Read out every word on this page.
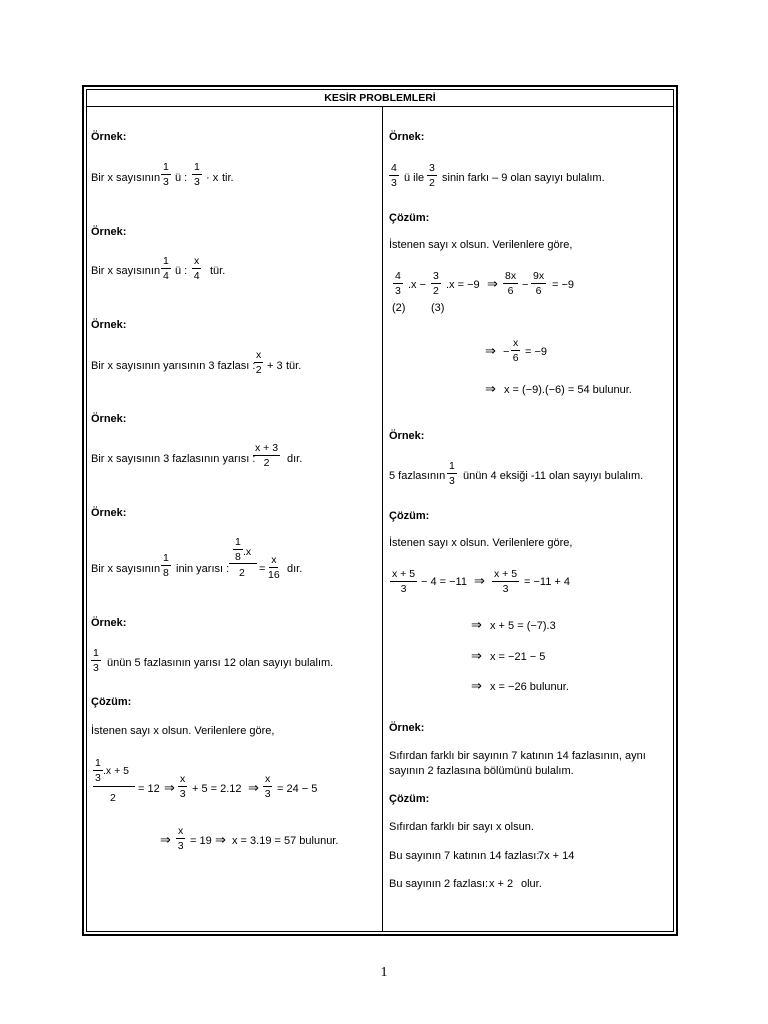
KESİR PROBLEMLERİ
Örnek:
Bir x sayısının $\frac{1}{3}$ ü : $\frac{1}{3} \cdot x$ tir.
Örnek:
Bir x sayısının $\frac{1}{4}$ ü : $\frac{x}{4}$ tür.
Örnek:
Bir x sayısının yarısının 3 fazlası :
$\frac{x}{2} + 3$ tür.
Örnek:
Bir x sayısının 3 fazlasının yarısı :
$\frac{x + 3}{2}$ dır.
Örnek:
Bir x sayısının $\frac{1}{8}$ inin yarısı :
$\frac{1}{8} .x$
$2 = \frac{x}{16}$ dır.
Örnek:
$\frac{1}{3}$ ünün 5 fazlasının yarısı 12 olan sayıyı bulalım.
Çözüm:
İstenen sayı x olsun. Verilenlere göre,
$\frac{1}{3} .x + 5$
2
= 12 ⇒ $\frac{x}{3} + 5 = 2.12$ ⇒ $\frac{x}{3} = 24 - 5$
⇒ $\frac{x}{3} = 19$ ⇒ x = 3.19 = 57 bulunur.
Örnek:
$\frac{4}{3}$ ü ile $\frac{3}{2}$ sinin farkı – 9 olan sayıyı bulalım.
Çözüm:
İstenen sayı x olsun. Verilenlere göre,
$\frac{4}{3} .x - \frac{3}{2} .x = -9$ ⇒ $\frac{8x}{6} - \frac{9x}{6} = -9$
(2) (3)
⇒ − $\frac{x}{6} = -9$
⇒ x = (−9).(−6) = 54 bulunur.
Örnek:
5 fazlasının $\frac{1}{3}$ ünün 4 eksiği -11 olan sayıyı bulalım.
Çözüm:
İstenen sayı x olsun. Verilenlere göre,
$\frac{x + 5}{3} - 4 = -11$ ⇒ $\frac{x + 5}{3} = -11 + 4$
⇒ x + 5 = (−7).3
⇒ x = −21 − 5
⇒ x = −26 bulunur.
Örnek:
Sıfırdan farklı bir sayının 7 katının 14 fazlasının, aynı
sayının 2 fazlasına bölümünü bulalım.
Çözüm:
Sıfırdan farklı bir sayı x olsun.
Bu sayının 7 katının 14 fazlası:
7x + 14
Bu sayının 2 fazlası: x + 2 olur.
1
